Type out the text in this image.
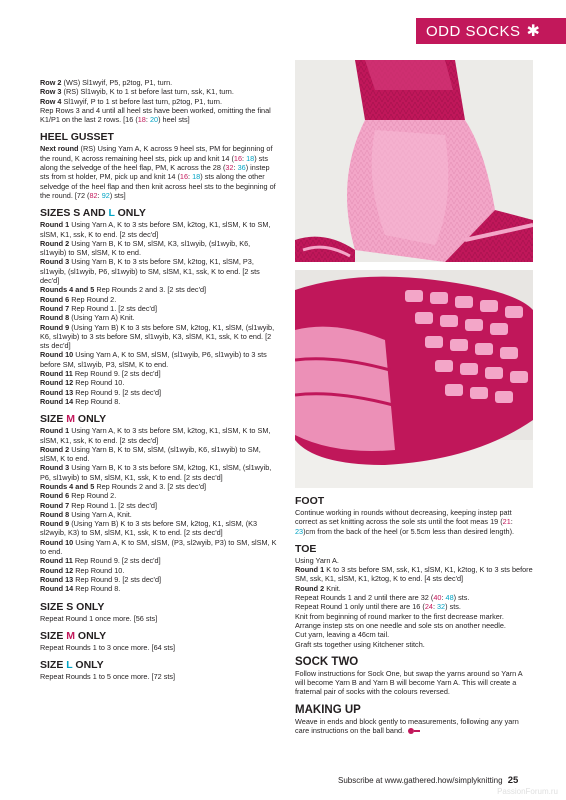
ODD SOCKS ✱

Row 2 (WS) Sl1wyif, P5, p2tog, P1, turn.

Row 3 (RS) Sl1wyib, K to 1 st before last turn, ssk, K1, turn.

Row 4 Sl1wyif, P to 1 st before last turn, p2tog, P1, turn.

Rep Rows 3 and 4 until all heel sts have been worked, omitting the final K1/P1 on the last 2 rows. [16 (18: 20) heel sts]

HEEL GUSSET

Next round (RS) Using Yarn A, K across 9 heel sts, PM for beginning of the round, K across remaining heel sts, pick up and knit 14 (16: 18) sts along the selvedge of the heel flap, PM, K across the 28 (32: 36) instep sts from st holder, PM, pick up and knit 14 (16: 18) sts along the other selvedge of the heel flap and then knit across heel sts to the beginning of the round. [72 (82: 92) sts]

SIZES S AND L ONLY

Round 1 Using Yarn A, K to 3 sts before SM, k2tog, K1, slSM, K to SM, slSM, K1, ssk, K to end. [2 sts dec'd]

Round 2 Using Yarn B, K to SM, slSM, K3, sl1wyib, (sl1wyib, K6, sl1wyib) to SM, slSM, K to end.

Round 3 Using Yarn B, K to 3 sts before SM, k2tog, K1, slSM, P3, sl1wyib, (sl1wyib, P6, sl1wyib) to SM, slSM, K1, ssk, K to end. [2 sts dec'd]

Rounds 4 and 5 Rep Rounds 2 and 3. [2 sts dec'd]

Round 6 Rep Round 2.

Round 7 Rep Round 1. [2 sts dec'd]

Round 8 (Using Yarn A) Knit.

Round 9 (Using Yarn B) K to 3 sts before SM, k2tog, K1, slSM, (sl1wyib, K6, sl1wyib) to 3 sts before SM, sl1wyib, K3, slSM, K1, ssk, K to end. [2 sts dec'd]

Round 10 Using Yarn A, K to SM, slSM, (sl1wyib, P6, sl1wyib) to 3 sts before SM, sl1wyib, P3, slSM, K to end.

Round 11 Rep Round 9. [2 sts dec'd]

Round 12 Rep Round 10.

Round 13 Rep Round 9. [2 sts dec'd]

Round 14 Rep Round 8.

SIZE M ONLY

Round 1 Using Yarn A, K to 3 sts before SM, k2tog, K1, slSM, K to SM, slSM, K1, ssk, K to end. [2 sts dec'd]

Round 2 Using Yarn B, K to SM, slSM, (sl1wyib, K6, sl1wyib) to SM, slSM, K to end.

Round 3 Using Yarn B, K to 3 sts before SM, k2tog, K1, slSM, (sl1wyib, P6, sl1wyib) to SM, slSM, K1, ssk, K to end. [2 sts dec'd]

Rounds 4 and 5 Rep Rounds 2 and 3. [2 sts dec'd]

Round 6 Rep Round 2.

Round 7 Rep Round 1. [2 sts dec'd]

Round 8 Using Yarn A, Knit.

Round 9 (Using Yarn B) K to 3 sts before SM, k2tog, K1, slSM, (K3 sl2wyib, K3) to SM, slSM, K1, ssk, K to end. [2 sts dec'd]

Round 10 Using Yarn A, K to SM, slSM, (P3, sl2wyib, P3) to SM, slSM, K to end.

Round 11 Rep Round 9. [2 sts dec'd]

Round 12 Rep Round 10.

Round 13 Rep Round 9. [2 sts dec'd]

Round 14 Rep Round 8.

SIZE S ONLY

Repeat Round 1 once more. [56 sts]

SIZE M ONLY

Repeat Rounds 1 to 3 once more. [64 sts]

SIZE L ONLY

Repeat Rounds 1 to 5 once more. [72 sts]

FOOT

Continue working in rounds without decreasing, keeping instep patt correct as set knitting across the sole sts until the foot meas 19 (21: 23)cm from the back of the heel (or 5.5cm less than desired length).

TOE

Using Yarn A.

Round 1 K to 3 sts before SM, ssk, K1, slSM, K1, k2tog, K to 3 sts before SM, ssk, K1, slSM, K1, k2tog, K to end. [4 sts dec'd]

Round 2 Knit.

Repeat Rounds 1 and 2 until there are 32 (40: 48) sts.

Repeat Round 1 only until there are 16 (24: 32) sts.

Knit from beginning of round marker to the first decrease marker.

Arrange instep sts on one needle and sole sts on another needle.

Cut yarn, leaving a 46cm tail.

Graft sts together using Kitchener stitch.

SOCK TWO

Follow instructions for Sock One, but swap the yarns around so Yarn A will become Yarn B and Yarn B will become Yarn A. This will create a fraternal pair of socks with the colours reversed.

MAKING UP

Weave in ends and block gently to measurements, following any yarn care instructions on the ball band.

Subscribe at www.gathered.how/simplyknitting 25
PassionForum.ru
